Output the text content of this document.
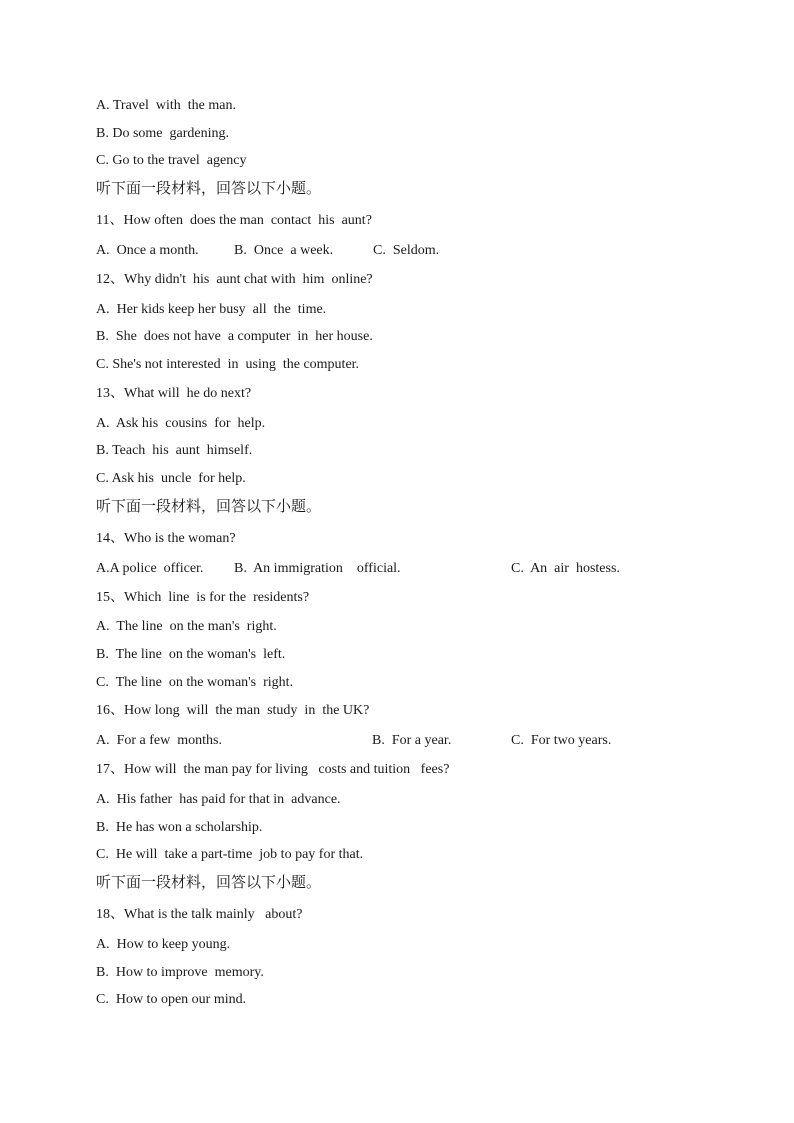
A. Travel  with  the man.
B. Do some  gardening.
C. Go to the travel  agency
听下面一段材料，回答以下小题。
11、How often  does the man  contact  his  aunt?
A.  Once a month.	B.  Once  a week.	C.  Seldom.
12、Why didn't  his  aunt chat with  him  online?
A.  Her kids keep her busy  all  the  time.
B.  She  does not have  a computer  in  her house.
C. She's not interested  in  using  the computer.
13、What will  he do next?
A.  Ask his  cousins  for  help.
B. Teach  his  aunt  himself.
C. Ask his  uncle  for help.
听下面一段材料，回答以下小题。
14、Who is the woman?
A.A police  officer. B.  An immigration    official.	C.  An  air  hostess.
15、Which  line  is for the  residents?
A.  The line  on the man's  right.
B.  The line  on the woman's  left.
C.  The line  on the woman's  right.
16、How long  will  the man  study  in  the UK?
A.  For a few  months.	B.  For a year.	C.  For two years.
17、How will  the man pay for living   costs and tuition   fees?
A.  His father  has paid for that in  advance.
B.  He has won a scholarship.
C.  He will  take a part-time  job to pay for that.
听下面一段材料，回答以下小题。
18、What is the talk mainly   about?
A.  How to keep young.
B.  How to improve  memory.
C.  How to open our mind.
